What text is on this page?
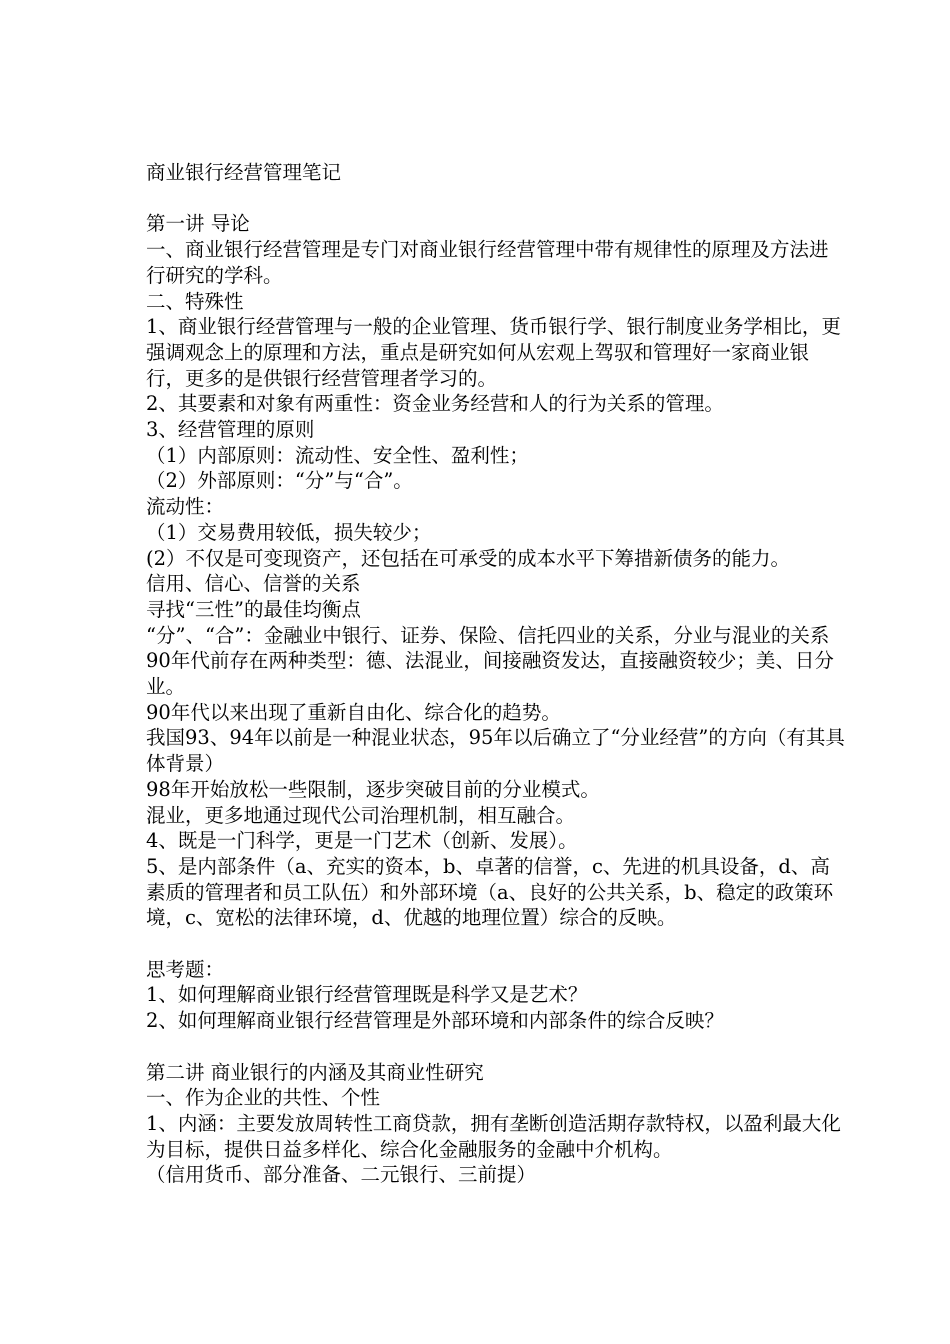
商业银行经营管理笔记

第一讲 导论

一、商业银行经营管理是专门对商业银行经营管理中带有规律性的原理及方法进行研究的学科。

二、特殊性

1、商业银行经营管理与一般的企业管理、货币银行学、银行制度业务学相比，更强调观念上的原理和方法，重点是研究如何从宏观上驾驭和管理好一家商业银行，更多的是供银行经营管理者学习的。

2、其要素和对象有两重性：资金业务经营和人的行为关系的管理。

3、经营管理的原则

（1）内部原则：流动性、安全性、盈利性；

（2）外部原则：“分”与“合”。

流动性：

（1）交易费用较低，损失较少；

(2）不仅是可变现资产，还包括在可承受的成本水平下筹措新债务的能力。

信用、信心、信誉的关系

寻找“三性”的最佳均衡点

“分”、“合”：金融业中银行、证券、保险、信托四业的关系，分业与混业的关系

90年代前存在两种类型：德、法混业，间接融资发达，直接融资较少；美、日分业。

90年代以来出现了重新自由化、综合化的趋势。

我国93、94年以前是一种混业状态，95年以后确立了“分业经营”的方向（有其具体背景）

98年开始放松一些限制，逐步突破目前的分业模式。

混业，更多地通过现代公司治理机制，相互融合。

4、既是一门科学，更是一门艺术（创新、发展）。

5、是内部条件（a、充实的资本，b、卓著的信誉，c、先进的机具设备，d、高素质的管理者和员工队伍）和外部环境（a、良好的公共关系，b、稳定的政策环境，c、宽松的法律环境，d、优越的地理位置）综合的反映。

思考题：

1、如何理解商业银行经营管理既是科学又是艺术？

2、如何理解商业银行经营管理是外部环境和内部条件的综合反映？

第二讲 商业银行的内涵及其商业性研究

一、作为企业的共性、个性

1、内涵：主要发放周转性工商贷款，拥有垄断创造活期存款特权，以盈利最大化为目标，提供日益多样化、综合化金融服务的金融中介机构。

（信用货币、部分准备、二元银行、三前提）
